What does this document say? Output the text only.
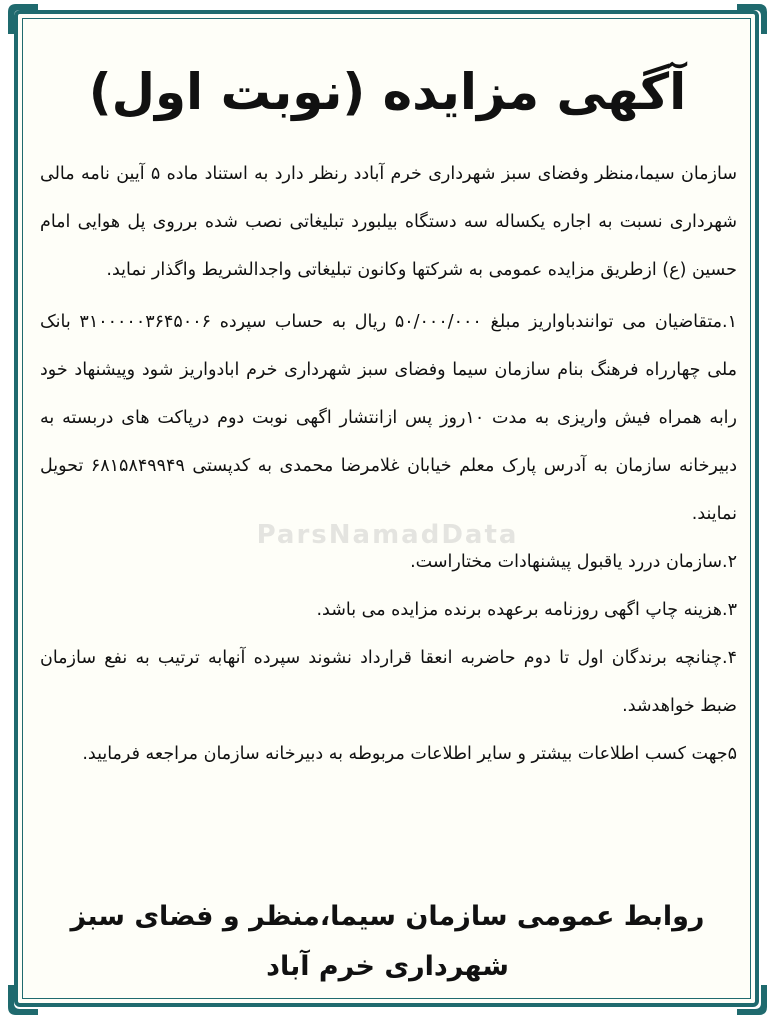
آگهی مزایده (نوبت اول)
ParsNamadData

سازمان سیما،منظر وفضای سبز شهرداری خرم آبادد رنظر دارد به استناد ماده ۵ آیین نامه مالی شهرداری نسبت به اجاره یکساله سه دستگاه بیلبورد تبلیغاتی نصب شده برروی پل هوایی امام حسین (ع) ازطریق مزایده عمومی به شرکتها وکانون تبلیغاتی واجدالشریط واگذار نماید.

۱.متقاضیان می توانندباواریز مبلغ ۵۰/۰۰۰/۰۰۰ ریال به حساب سپرده ۳۱۰۰۰۰۰۳۶۴۵۰۰۶ بانک ملی چهارراه فرهنگ بنام سازمان سیما وفضای سبز شهرداری خرم ابادواریز شود وپیشنهاد خود رابه همراه فیش واریزی به مدت ۱۰روز پس ازانتشار اگهی نوبت دوم درپاکت های دربسته به دبیرخانه سازمان به آدرس پارک معلم خیابان غلامرضا محمدی به کدپستی ۶۸۱۵۸۴۹۹۴۹ تحویل نمایند.

۲.سازمان دررد یاقبول پیشنهادات مختاراست.

۳.هزینه چاپ اگهی روزنامه برعهده برنده مزایده می باشد.

۴.چنانچه برندگان اول تا دوم حاضربه انعقا قرارداد نشوند سپرده آنهابه ترتیب به نفع سازمان ضبط خواهدشد.

۵جهت کسب اطلاعات بیشتر و سایر اطلاعات مربوطه به دبیرخانه سازمان مراجعه فرمایید.

روابط عمومی سازمان سیما،منظر و فضای سبز
شهرداری خرم آباد
